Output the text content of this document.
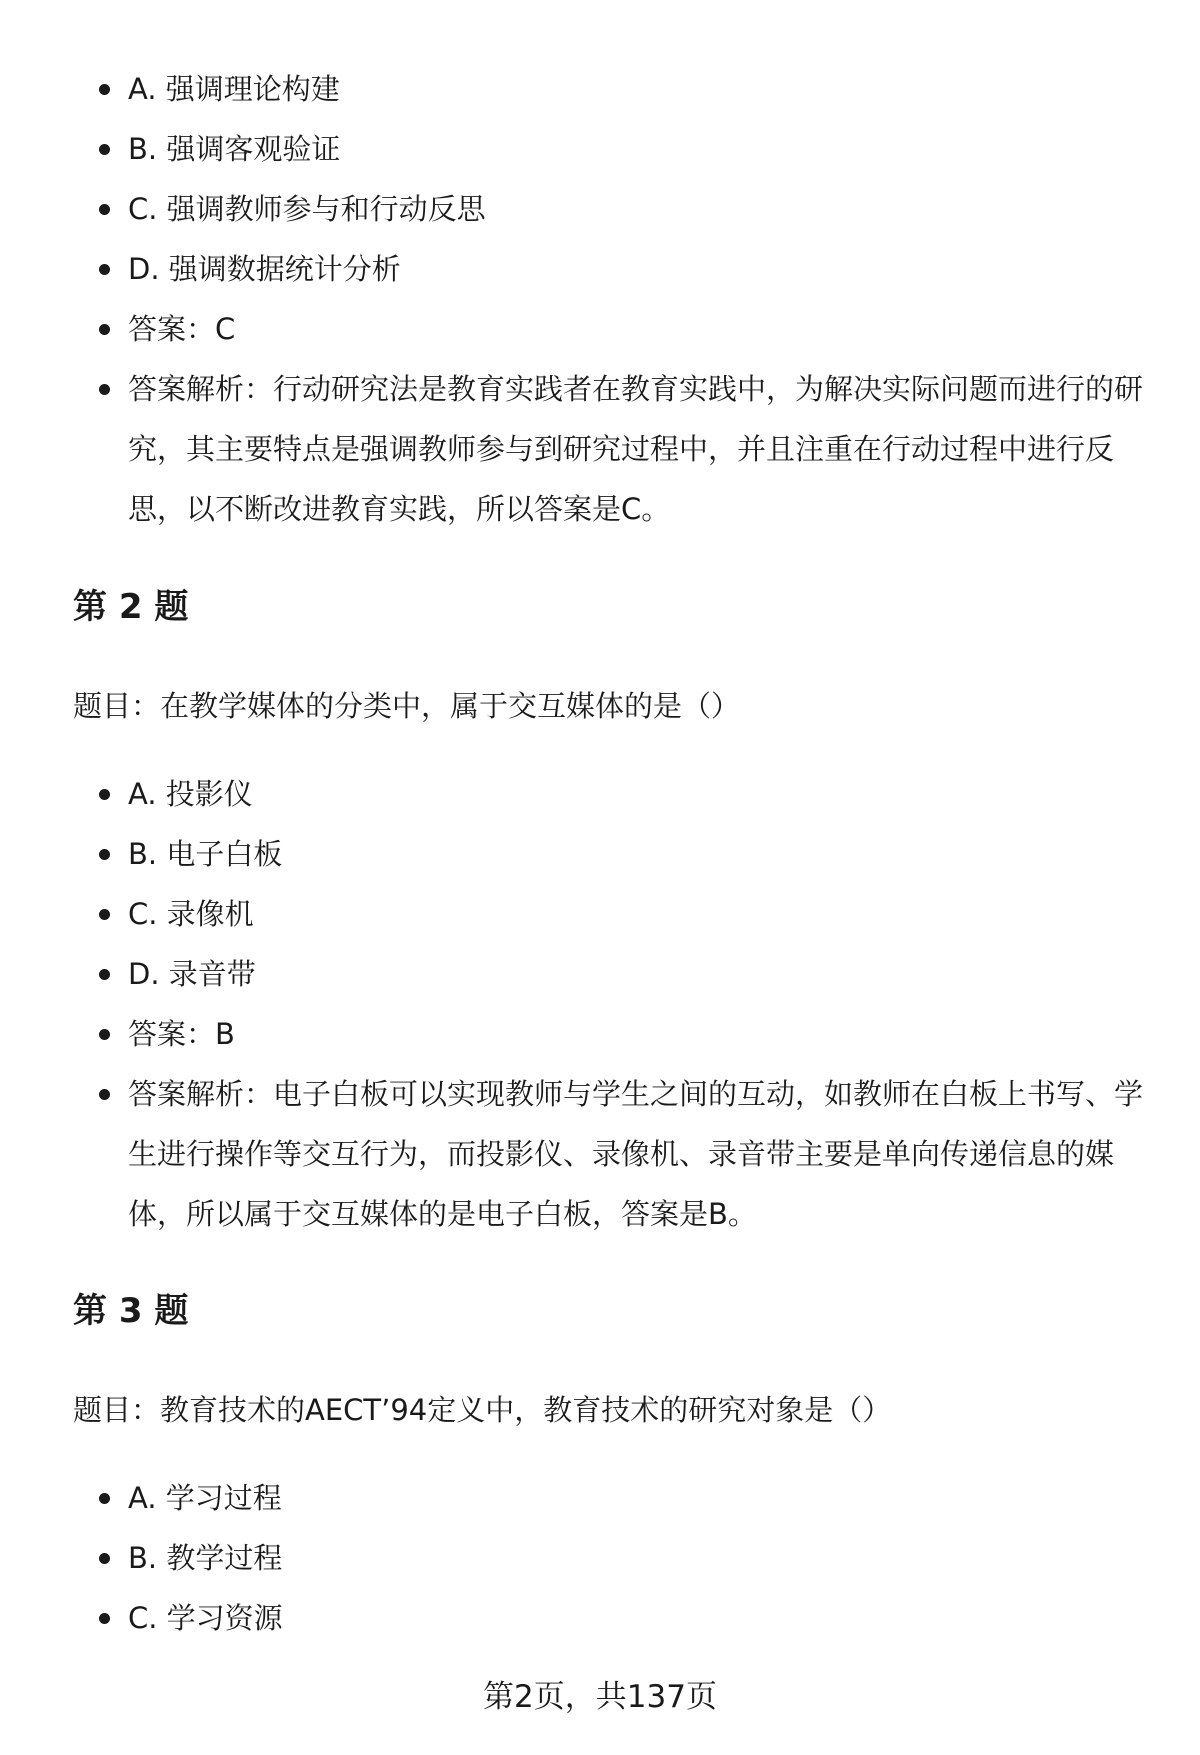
A. 强调理论构建
B. 强调客观验证
C. 强调教师参与和行动反思
D. 强调数据统计分析
答案：C
答案解析：行动研究法是教育实践者在教育实践中，为解决实际问题而进行的研究，其主要特点是强调教师参与到研究过程中，并且注重在行动过程中进行反思，以不断改进教育实践，所以答案是C。
第 2 题

题目：在教学媒体的分类中，属于交互媒体的是（）

A. 投影仪
B. 电子白板
C. 录像机
D. 录音带
答案：B
答案解析：电子白板可以实现教师与学生之间的互动，如教师在白板上书写、学生进行操作等交互行为，而投影仪、录像机、录音带主要是单向传递信息的媒体，所以属于交互媒体的是电子白板，答案是B。
第 3 题

题目：教育技术的AECT’94定义中，教育技术的研究对象是（）

A. 学习过程
B. 教学过程
C. 学习资源
第2页，共137页
